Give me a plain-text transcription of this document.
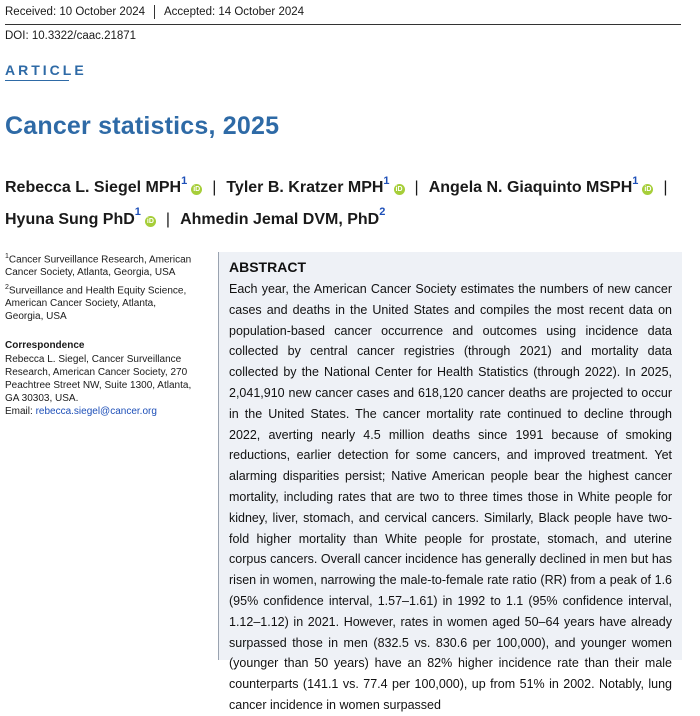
Received: 10 October 2024 Accepted: 14 October 2024
DOI: 10.3322/caac.21871
ARTICLE
Cancer statistics, 2025
Rebecca L. Siegel MPH$^1$iD | Tyler B. Kratzer MPH$^1$iD | Angela N. Giaquinto MSPH$^1$iD |
Hyuna Sung PhD$^1$iD | Ahmedin Jemal DVM, PhD$^2$
$^1$Cancer Surveillance Research, American Cancer Society, Atlanta, Georgia, USA
$^2$Surveillance and Health Equity Science, American Cancer Society, Atlanta, Georgia, USA
Correspondence
Rebecca L. Siegel, Cancer Surveillance Research, American Cancer Society, 270 Peachtree Street NW, Suite 1300, Atlanta, GA 30303, USA.
Email: rebecca.siegel@cancer.org
ABSTRACT
Each year, the American Cancer Society estimates the numbers of new cancer cases and deaths in the United States and compiles the most recent data on population-based cancer occurrence and outcomes using incidence data collected by central cancer registries (through 2021) and mortality data collected by the National Center for Health Statistics (through 2022). In 2025, 2,041,910 new cancer cases and 618,120 cancer deaths are projected to occur in the United States. The cancer mortality rate continued to decline through 2022, averting nearly 4.5 million deaths since 1991 because of smoking reductions, earlier detection for some cancers, and improved treatment. Yet alarming disparities persist; Native American people bear the highest cancer mortality, including rates that are two to three times those in White people for kidney, liver, stomach, and cervical cancers. Similarly, Black people have two-fold higher mortality than White people for prostate, stomach, and uterine corpus cancers. Overall cancer incidence has generally declined in men but has risen in women, narrowing the male-to-female rate ratio (RR) from a peak of 1.6 (95% confidence interval, 1.57–1.61) in 1992 to 1.1 (95% confidence interval, 1.12–1.12) in 2021. However, rates in women aged 50–64 years have already surpassed those in men (832.5 vs. 830.6 per 100,000), and younger women (younger than 50 years) have an 82% higher incidence rate than their male counterparts (141.1 vs. 77.4 per 100,000), up from 51% in 2002. Notably, lung cancer incidence in women surpassed
